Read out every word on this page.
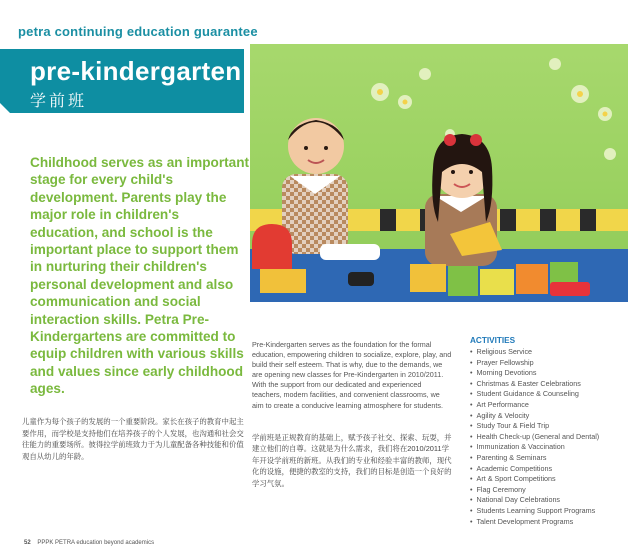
petra continuing education guarantee
pre-kindergarten
学前班

Childhood serves as an important stage for every child's development. Parents play the major role in children's education, and school is the important place to support them in nurturing their children's personal development and also communication and social interaction skills. Petra Pre-Kindergartens are committed to equip children with various skills and values since early childhood ages.

儿童作为每个孩子的发展的一个重要阶段。家长在孩子的教育中起主要作用，而学校是支持他们在培养孩子的个人发展，也沟通和社会交往能力的重要场所。彼得拉学前班致力于为儿童配备各种技能和价值观自从幼儿的年龄。

Pre-Kindergarten serves as the foundation for the formal education, empowering children to socialize, explore, play, and build their self esteem. That is why, due to the demands, we are opening new classes for Pre-Kindergarten in 2010/2011. With the support from our dedicated and experienced teachers, modern facilities, and convenient classrooms, we aim to create a conducive learning atmosphere for students.

学前班是正规教育的基础上，赋予孩子社交、探索、玩耍，并建立他们的自尊。这就是为什么需求，我们将在2010/2011学年开设学前班的新班。从我们的专业和经验丰富的教师，现代化的设施，便捷的教室的支持，我们的目标是创造一个良好的学习气氛。

ACTIVITIES

• Religious Service
• Prayer Fellowship
• Morning Devotions
• Christmas & Easter Celebrations
• Student Guidance & Counseling
• Art Performance
• Agility & Velocity
• Study Tour & Field Trip
• Health Check-up (General and Dental)
• Immunization & Vaccination
• Parenting & Seminars
• Academic Competitions
• Art & Sport Competitions
• Flag Ceremony
• National Day Celebrations
• Students Learning Support Programs
• Talent Development Programs
52 PPPK PETRA education beyond academics
